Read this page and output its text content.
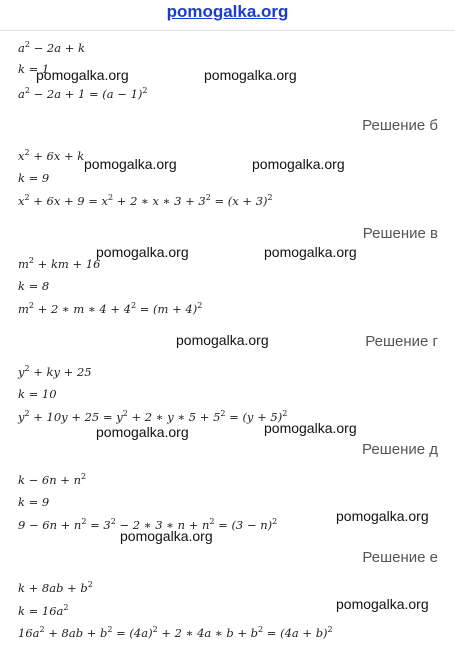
pomogalka.org
$a^2 - 2a + k$
k = 1
$a^2 - 2a + 1 = (a - 1)^2$
Решение б
$x^2 + 6x + k$
k = 9
$x^2 + 6x + 9 = x^2 + 2$ ∗ x ∗ $3 + 3^2 = (x + 3)^2$
Решение в
$m^2$ + km + 16
k = 8
$m^2 + 2$ ∗ m ∗ $4 + 4^2 = (m + 4)^2$
Решение г
$y^2$ + ky + 25
k = 10
$y^2 + 10y + 25 = y^2 + 2$ ∗ y ∗ $5 + 5^2 = (y + 5)^2$
Решение д
$k - 6n + n^2$
k = 9
$9 - 6n + n^2 = 3^2 - 2$ ∗ 3 ∗ $n + n^2 = (3 - n)^2$
Решение е
$k + 8ab + b^2$
$k = 16a^2$
$16a^2 + 8ab + b^2 = (4a)^2 + 2$ ∗ 4a ∗ $b + b^2 = (4a + b)^2$
pomogalka.org	pomogalka.org
pomogalka.org	pomogalka.org
pomogalka.org	pomogalka.org
pomogalka.org
pomogalka.org	pomogalka.org
pomogalka.org
pomogalka.org
pomogalka.org
